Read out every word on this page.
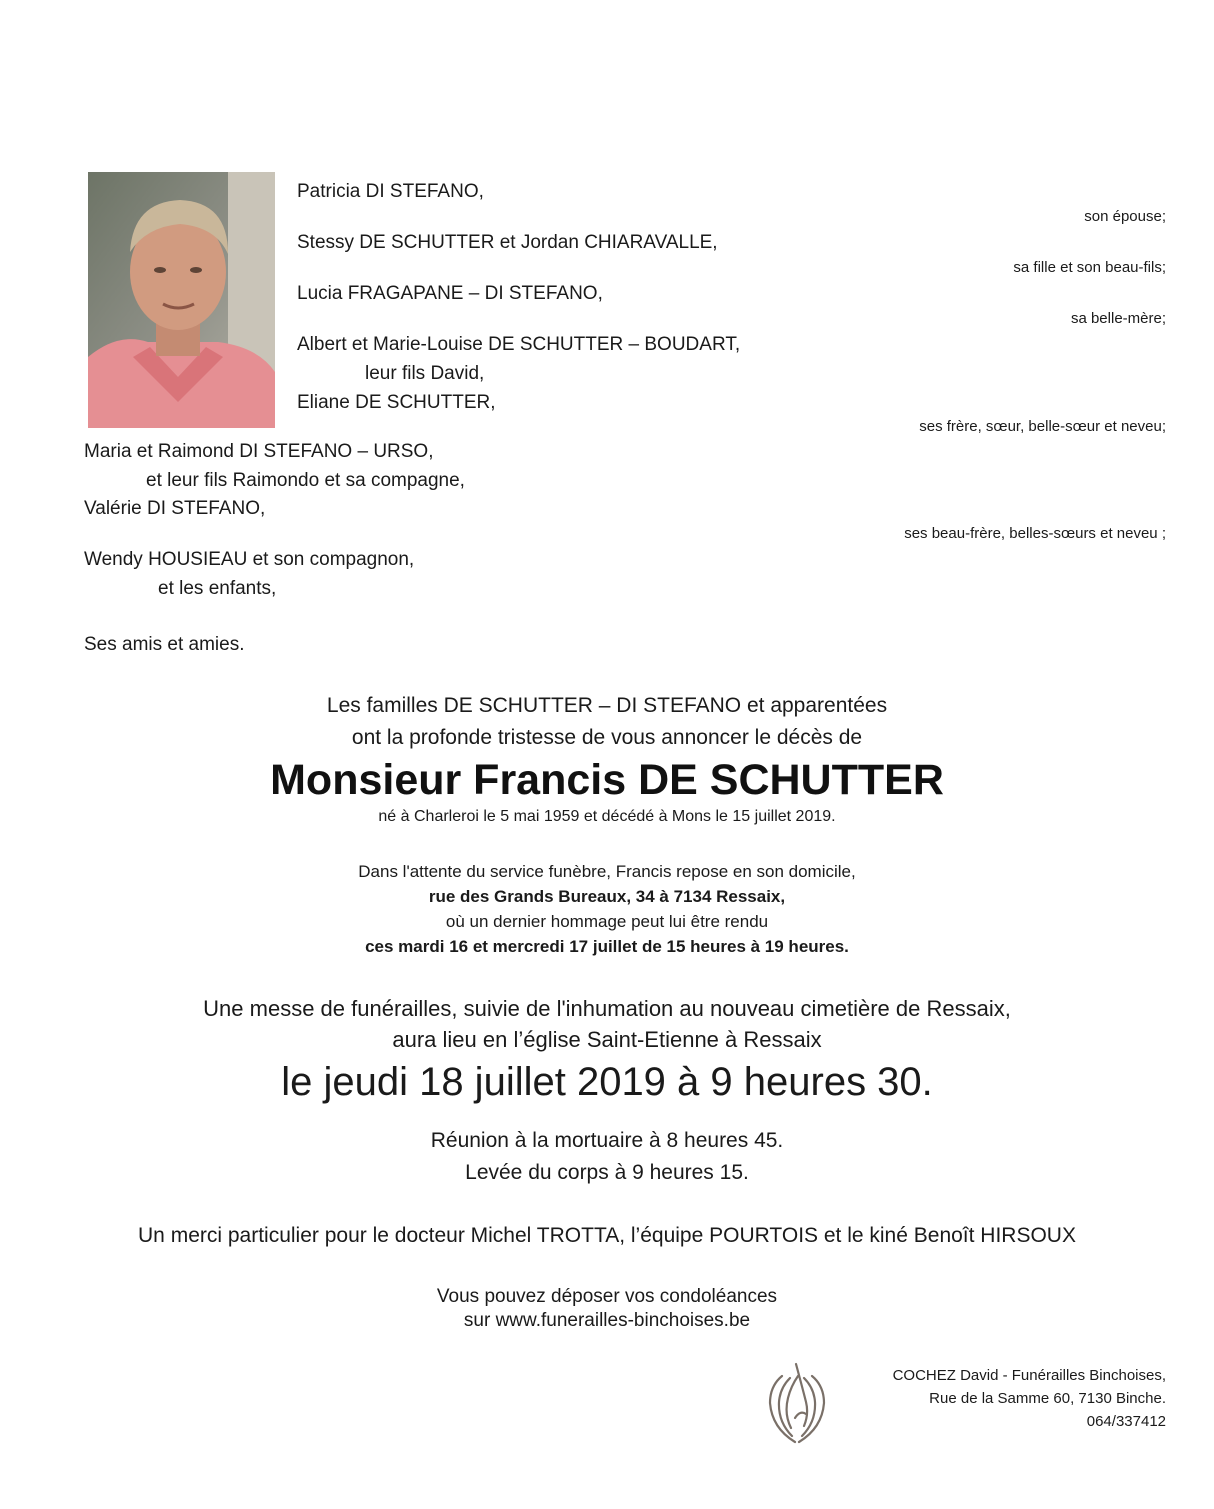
Patricia DI STEFANO,
son épouse;
Stessy DE SCHUTTER et Jordan CHIARAVALLE,
sa fille et son beau-fils;
Lucia FRAGAPANE – DI STEFANO,
sa belle-mère;
Albert et Marie-Louise DE SCHUTTER – BOUDART,
leur fils David,
Eliane DE SCHUTTER,
ses frère, sœur, belle-sœur et neveu;
Maria et Raimond DI STEFANO – URSO,
et leur fils Raimondo et sa compagne,
Valérie DI STEFANO,
ses beau-frère, belles-sœurs et neveu ;
Wendy HOUSIEAU et son compagnon,
et les enfants,
Ses amis et amies.
Les familles DE SCHUTTER – DI STEFANO et apparentées
ont la profonde tristesse de vous annoncer le décès de
Monsieur Francis DE SCHUTTER
né à Charleroi le 5 mai 1959 et décédé à Mons le 15 juillet 2019.
Dans l'attente du service funèbre, Francis repose en son domicile,
rue des Grands Bureaux, 34 à 7134 Ressaix,
où un dernier hommage peut lui être rendu
ces mardi 16 et mercredi 17 juillet de 15 heures à 19 heures.
Une messe de funérailles, suivie de l'inhumation au nouveau cimetière de Ressaix,
aura lieu en l’église Saint-Etienne à Ressaix
le jeudi 18 juillet 2019 à 9 heures 30.
Réunion à la mortuaire à 8 heures 45.
Levée du corps à 9 heures 15.
Un merci particulier pour le docteur Michel TROTTA, l’équipe POURTOIS et le kiné Benoît HIRSOUX
Vous pouvez déposer vos condoléances
sur www.funerailles-binchoises.be
COCHEZ David - Funérailles Binchoises,
Rue de la Samme 60, 7130 Binche.
064/337412
